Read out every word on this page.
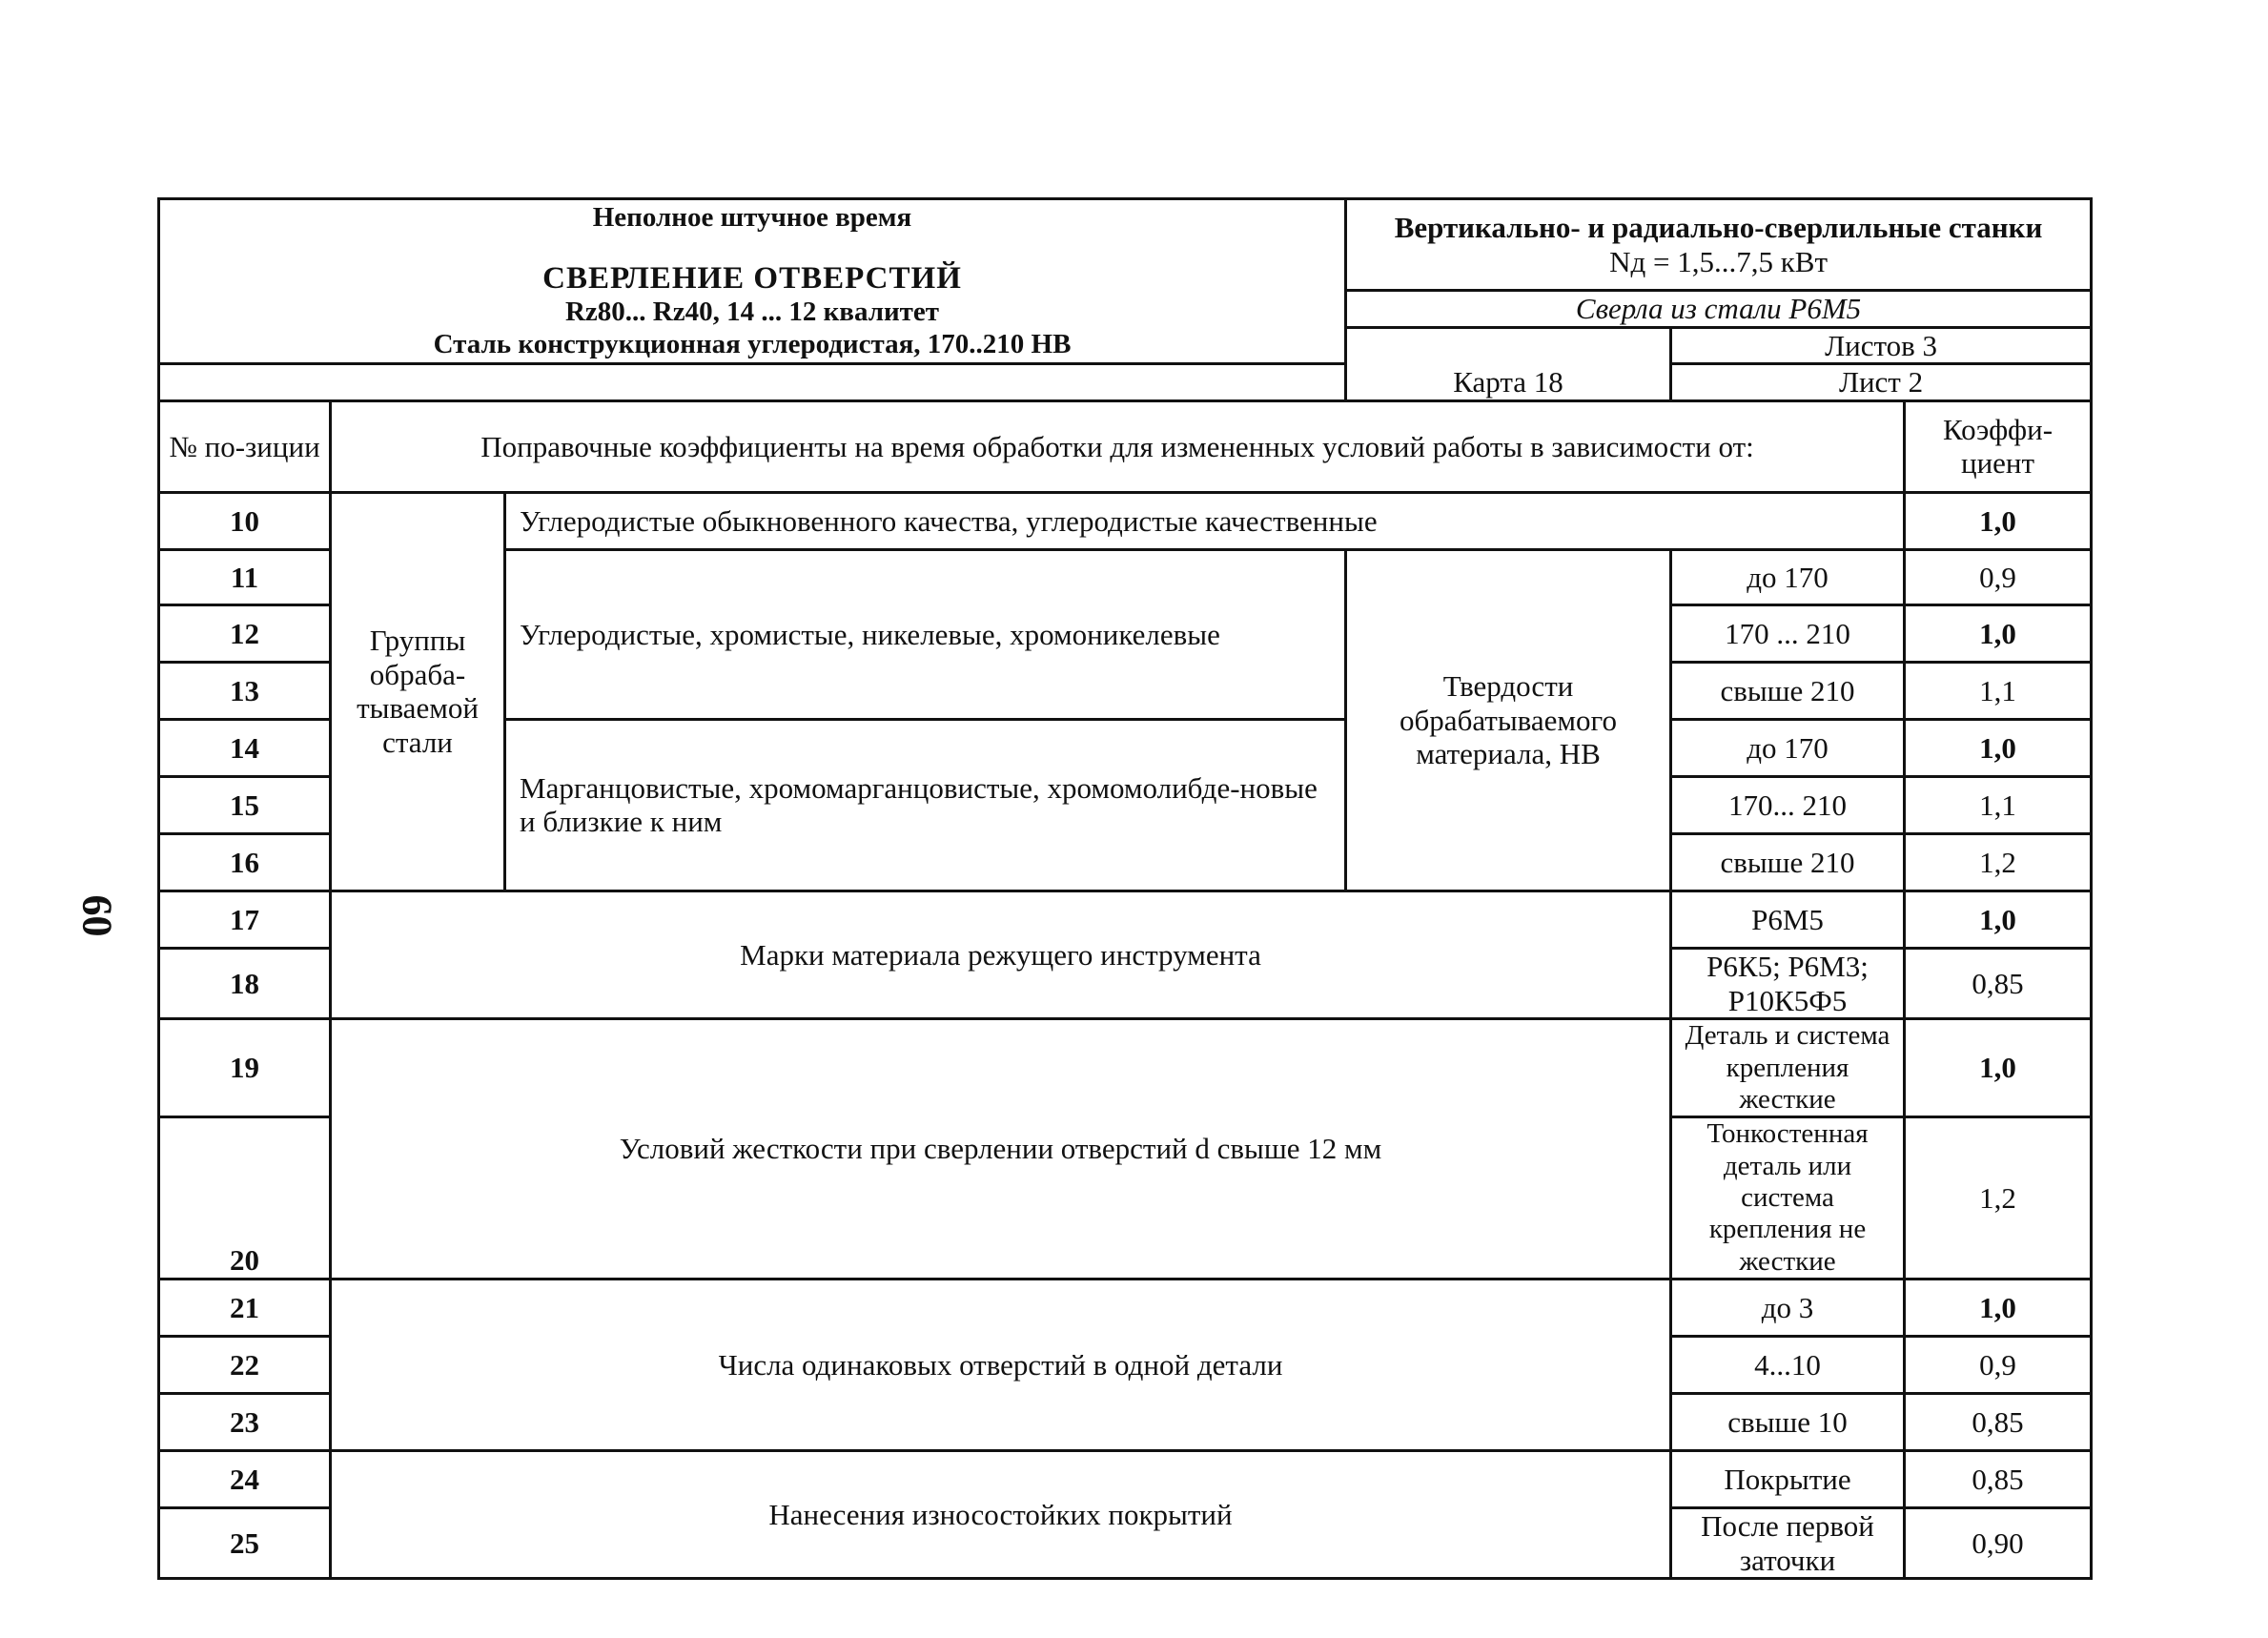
60
Неполное штучное время
СВЕРЛЕНИЕ ОТВЕРСТИЙ
Rz80... Rz40, 14 ... 12 квалитет
Сталь конструкционная углеродистая, 170..210 НВ			Вертикально- и радиально-сверлильные станки
Nд = 1,5...7,5 кВт		

			Сверла из стали Р6М5		
			Карта 18	Листов 3	
				Лист 2	
№ по-зиции	Поправочные коэффициенты на время обработки для измененных условий работы в зависимости от:				Коэффи-циент
10	Группы обраба-тываемой стали	Углеродистые обыкновенного качества, углеродистые качественные			1,0
11		Углеродистые, хромистые, никелевые, хромоникелевые	Твердости обрабатываемого материала, НВ	до 170	0,9
12				170 ... 210	1,0
13				свыше 210	1,1
14		Марганцовистые, хромомарганцовистые, хромомолибде-новые и близкие к ним		до 170	1,0
15				170... 210	1,1
16				свыше 210	1,2
17	Марки материала режущего инструмента			Р6М5	1,0
18				Р6К5; Р6М3; Р10К5Ф5	0,85
19	Условий жесткости при сверлении отверстий d свыше 12 мм			Деталь и система крепления жесткие	1,0
20				Тонкостенная деталь или система крепления не жесткие	1,2
21	Числа одинаковых отверстий в одной детали			до 3	1,0
22				4...10	0,9
23				свыше 10	0,85
24	Нанесения износостойких покрытий			Покрытие	0,85
25				После первой заточки	0,90
